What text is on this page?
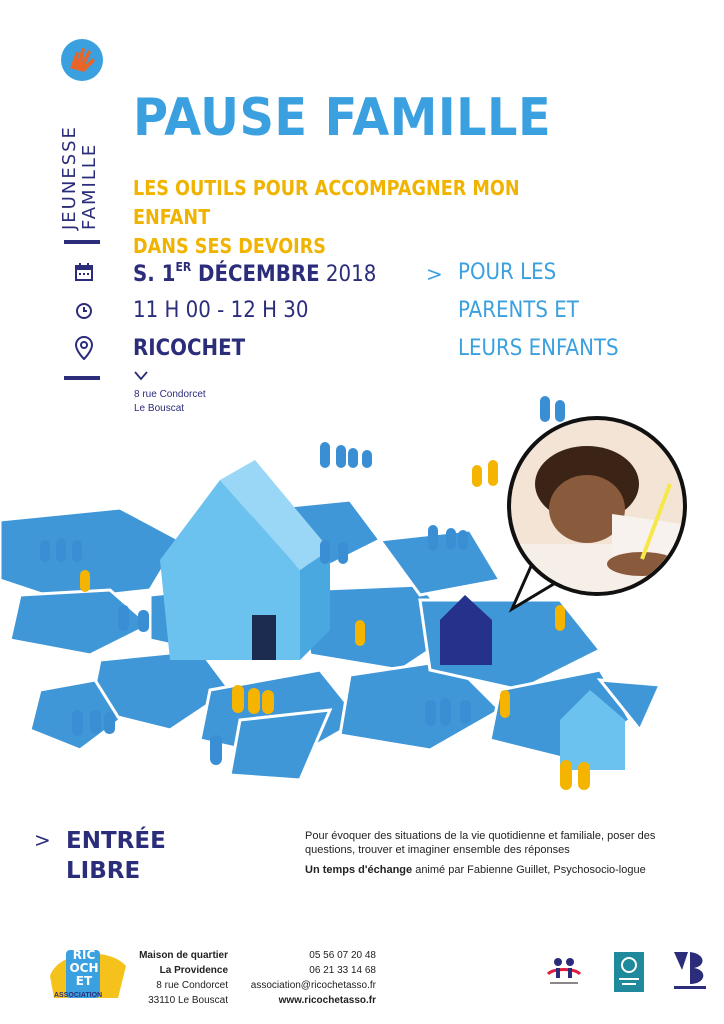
JEUNESSE FAMILLE
PAUSE FAMILLE
LES OUTILS POUR ACCOMPAGNER MON ENFANT
DANS SES DEVOIRS
S. 1ER DÉCEMBRE 2018
11 H 00 - 12 H 30
RICOCHET
8 rue Condorcet
Le Bouscat
> POUR LES
PARENTS ET
LEURS ENFANTS
> ENTRÉE
LIBRE
Pour évoquer des situations de la vie quotidienne et familiale, poser des questions, trouver et imaginer ensemble des réponses
Un temps d'échange animé par Fabienne Guillet, Psychosocio-logue
RIC
OCH
ET
ASSOCIATION
Maison de quartier
La Providence
8 rue Condorcet
33110 Le Bouscat
05 56 07 20 48
06 21 33 14 68
association@ricochetasso.fr
www.ricochetasso.fr
